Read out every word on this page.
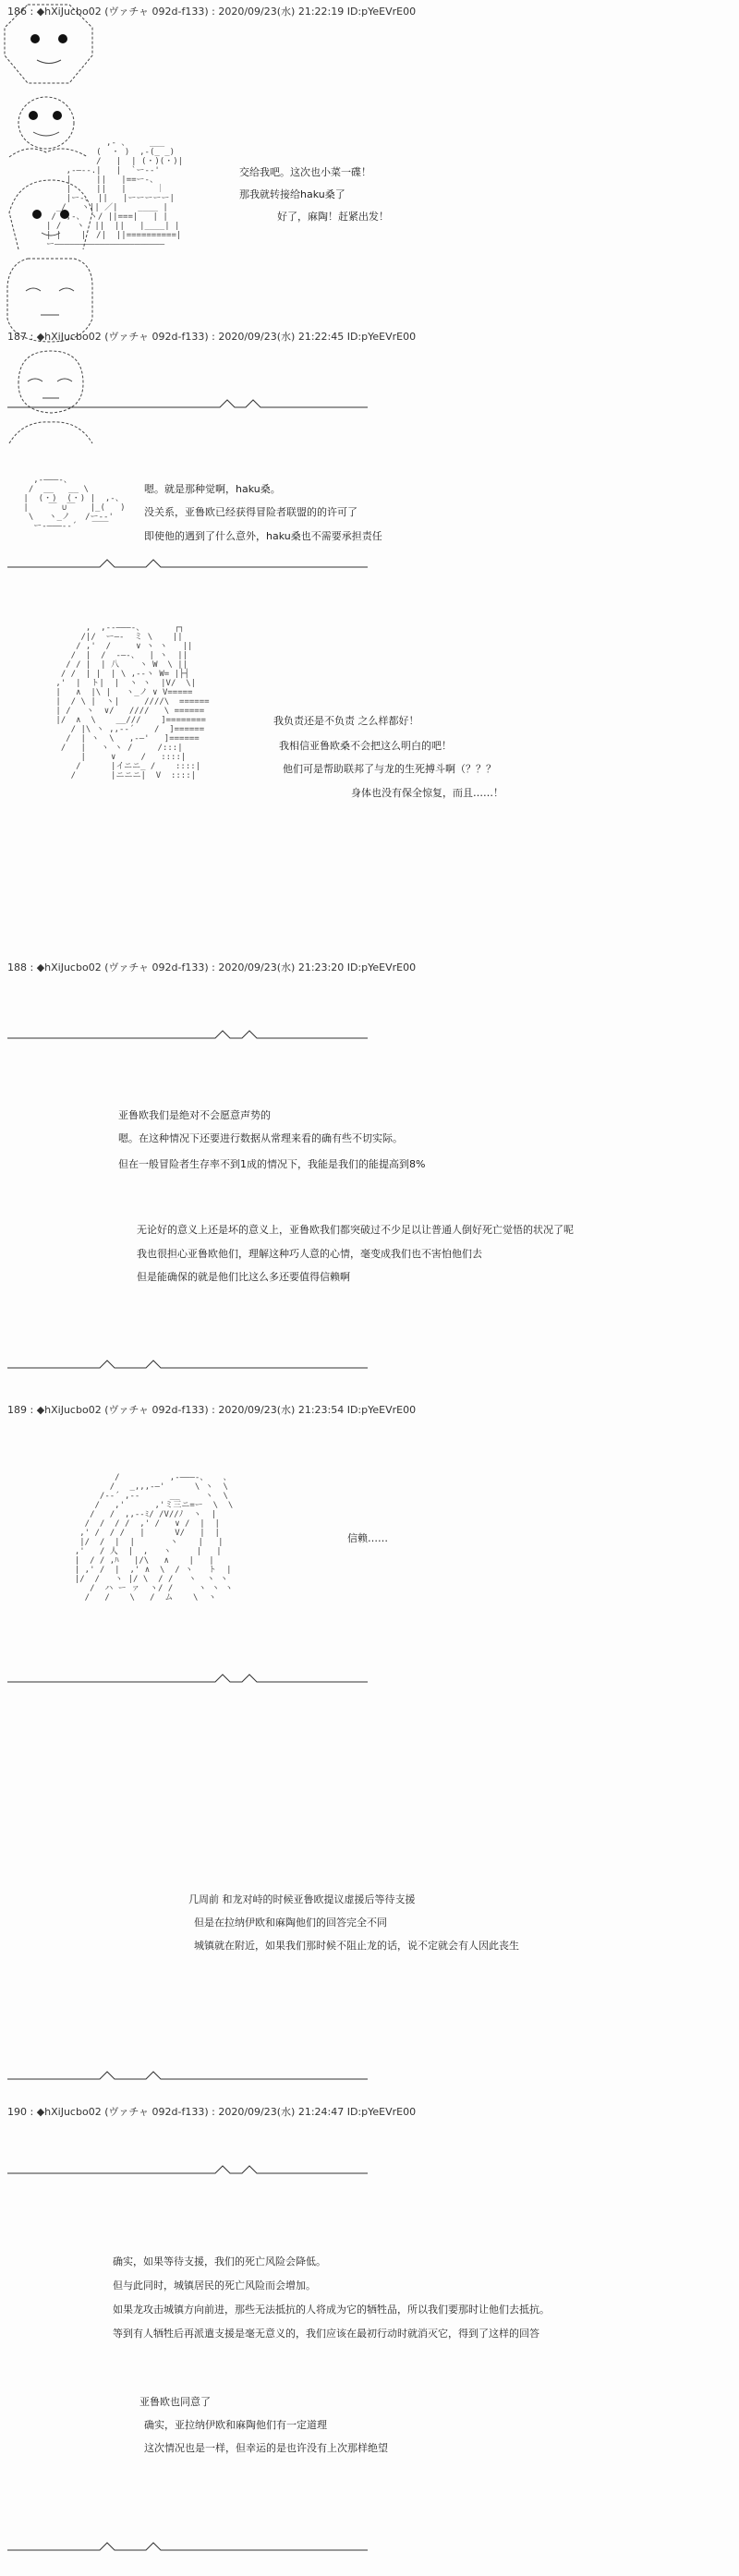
186 : ◆hXiJucbo02 (ヴァチャ 092d-f133) : 2020/09/23(水) 21:22:19 ID:pYeEVrE00
,- 、    ___
(  ・ )  ,-(_ _)
/   |  | (・)(・)|
,-―-‐.|   |  `ー-‐'
|     ||   |==ー-、
|     ||   |      ｜
|ー-、 ||   |ーーーーー|
_/   ヽ|| ／|    ____ |
/  ,-、 ヽ/ ||===|   | |
| /   ヽ  ||  ||   |____| |
| |    |  /|  ||==========|
ー――――――――――――――――――――――
交给我吧。这次也小菜一碟！
那我就转接给haku桑了
好了，麻陶！赶紧出发！
187 : ◆hXiJucbo02 (ヴァチャ 092d-f133) : 2020/09/23(水) 21:22:45 ID:pYeEVrE00
,-―――-、
/  __   __ \
|  (・)  (・) |  ,-、
|    ￣ ∪￣   |_(   )
\   ヽ_ノ   /ー-‐'
ー-―――-‐´   ￣￣
嗯。就是那种觉啊，haku桑。
没关系，亚鲁欧已经获得冒险者联盟的的许可了
即使他的遇到了什么意外，haku桑也不需要承担责任
,  ,-‐―――-、      ┌┐
/|/  ー―-  ミ \    ||
/ ,'  /     ∨ ヽ ヽ   ||
/  |  /  ‐―-、  | ヽ  ||
/ / |  | 八    ヽ W  \ ||
/ /  | |  | \ ,-‐ヽ W= |├┤
,'  |  ト|  |  ヽ ヽ  |V/  \|
|   ∧  |\ |   ヽ_ノ ∨ V=====
|  / \ |  ヽ|     ////\  ======
| /   ヽ  ∨/   ////   \ ======
|/  ∧  \    __///    ]========
/ |\ ヽ ,,-‐´    /  ]======
/  | ヽ  \   ,-―'   ]======
/   |   ヽ ヽ /     /:::|
|     ∨     /   ::::|
/      |イニニ_ /    ::::|
/       |ニニニ|  V  ::::|
我负责还是不负责 之么样都好！
我相信亚鲁欧桑不会把这么明白的吧！
他们可是帮助联邦了与龙的生死搏斗啊（？？？
身体也没有保全惊复，而且……！
188 : ◆hXiJucbo02 (ヴァチャ 092d-f133) : 2020/09/23(水) 21:23:20 ID:pYeEVrE00
亚鲁欧我们是绝对不会愿意声势的
嗯。在这种情况下还要进行数据从常理来看的确有些不切实际。
但在一般冒险者生存率不到1成的情况下，我能是我们的能提高到8%
无论好的意义上还是坏的意义上，亚鲁欧我们都突破过不少足以让普通人倒好死亡觉悟的状况了呢
我也很担心亚鲁欧他们，理解这种巧人意的心情，毫变成我们也不害怕他们去
但是能确保的就是他们比这么多还要值得信赖啊
189 : ◆hXiJucbo02 (ヴァチャ 092d-f133) : 2020/09/23(水) 21:23:54 ID:pYeEVrE00
/          ,-―――-、   、
/   _,,,-―'      \ ヽ  \
/-‐´ ,-‐      __     ヽ  \
/   ,'      ,'ミ三ニ=ー  \  \
/   /  ,,-‐ﾐ/ /V//ﾉ  ヽ  |
/  /  / /  ,' /   ∨ /  |  |
,' /  / /   |      V/   |  |
|/  /  |  |       ヽ    |   |
,'   / 人  |  ,   ヽ     |   |
|  / / ,ﾊ   |/\   ∧    |   |
| ,' /  |  ,' ∧  \  / ヽ   ト  |
|/  /   ヽ |/ \  / /   ヽ  ヽ ヽ
/  ハ ー ァ  ヽ/ /     ヽ ヽ ヽ
/   /    \   /  ム    \  ヽ
信赖……
几周前 和龙对峙的时候亚鲁欧提议虚援后等待支援
但是在拉纳伊欧和麻陶他们的回答完全不同
城镇就在附近，如果我们那时候不阻止龙的话，说不定就会有人因此丧生
190 : ◆hXiJucbo02 (ヴァチャ 092d-f133) : 2020/09/23(水) 21:24:47 ID:pYeEVrE00
确实，如果等待支援，我们的死亡风险会降低。
但与此同时，城镇居民的死亡风险而会增加。
如果龙攻击城镇方向前进，那些无法抵抗的人将成为它的牺牲品，所以我们要那时让他们去抵抗。
等到有人牺牲后再派遣支援是毫无意义的，我们应该在最初行动时就消灭它，得到了这样的回答
亚鲁欧也同意了
确实，亚拉纳伊欧和麻陶他们有一定道理
这次情况也是一样，但幸运的是也许没有上次那样绝望
